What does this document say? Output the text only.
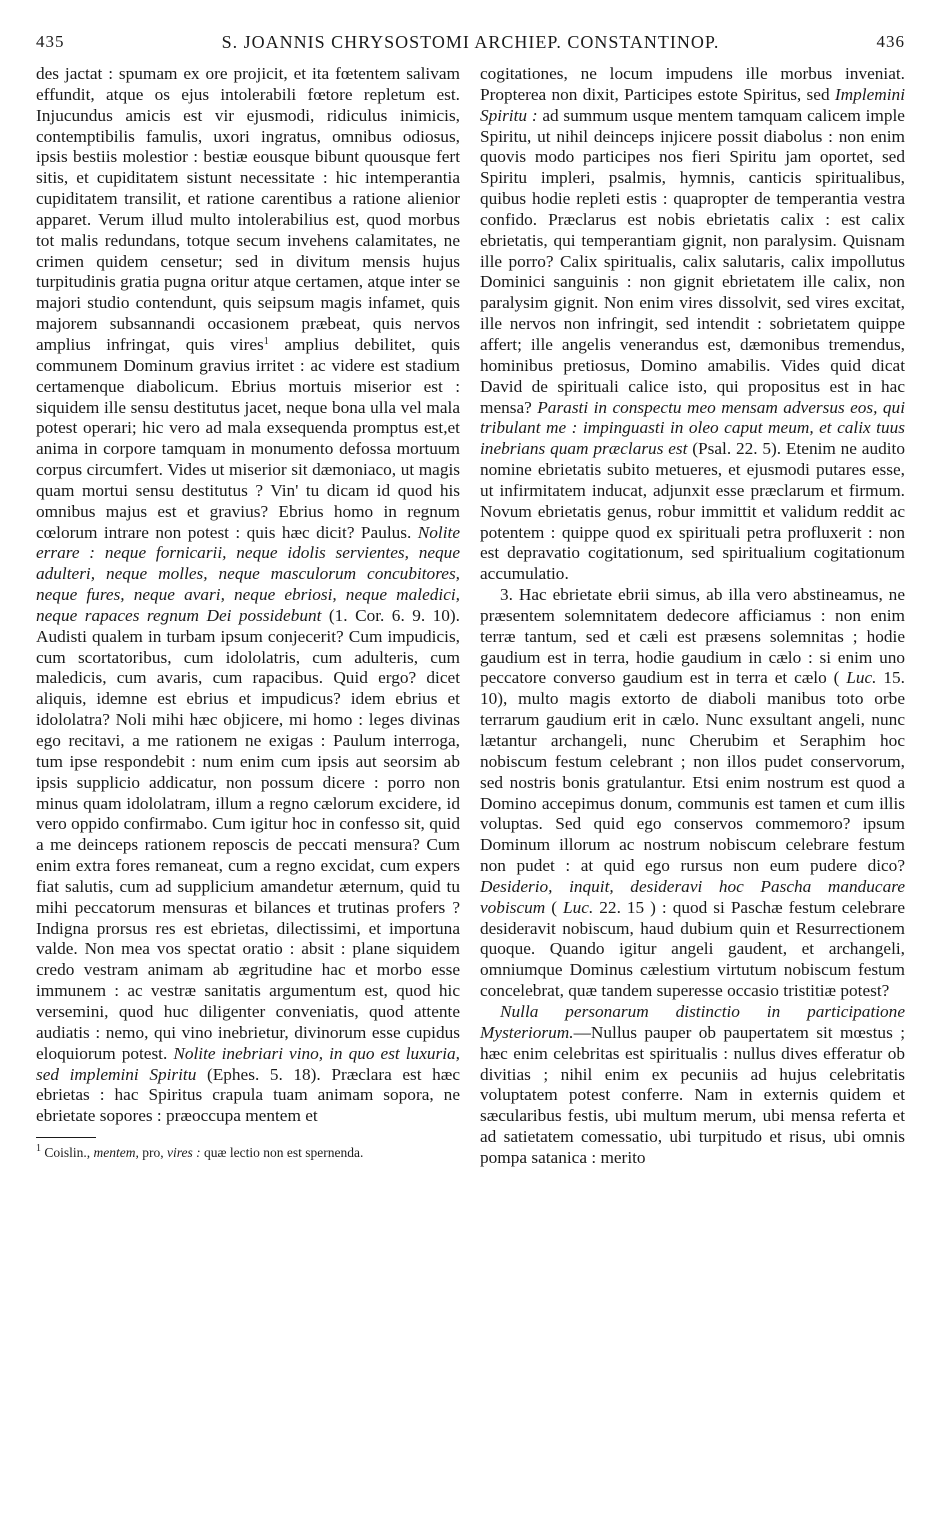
435	S. JOANNIS CHRYSOSTOMI ARCHIEP. CONSTANTINOP.	436

des jactat : spumam ex ore projicit, et ita fœtentem salivam effundit, atque os ejus intolerabili fœtore repletum est. Injucundus amicis est vir ejusmodi, ridiculus inimicis, contemptibilis famulis, uxori ingratus, omnibus odiosus, ipsis bestiis molestior : bestiæ eousque bibunt quousque fert sitis, et cupiditatem sistunt necessitate : hic intemperantia cupiditatem transilit, et ratione carentibus a ratione alienior apparet. Verum illud multo intolerabilius est, quod morbus tot malis redundans, totque secum invehens calamitates, ne crimen quidem censetur; sed in divitum mensis hujus turpitudinis gratia pugna oritur atque certamen, atque inter se majori studio contendunt, quis seipsum magis infamet, quis majorem subsannandi occasionem præbeat, quis nervos amplius infringat, quis vires$^1$ amplius debilitet, quis communem Dominum gravius irritet : ac videre est stadium certamenque diabolicum. Ebrius mortuis miserior est : siquidem ille sensu destitutus jacet, neque bona ulla vel mala potest operari; hic vero ad mala exsequenda promptus est,et anima in corpore tamquam in monumento defossa mortuum corpus circumfert. Vides ut miserior sit dæmoniaco, ut magis quam mortui sensu destitutus ? Vin' tu dicam id quod his omnibus majus est et gravius? Ebrius homo in regnum cœlorum intrare non potest : quis hæc dicit? Paulus. Nolite errare : neque fornicarii, neque idolis servientes, neque adulteri, neque molles, neque masculorum concubitores, neque fures, neque avari, neque ebriosi, neque maledici, neque rapaces regnum Dei possidebunt (1. Cor. 6. 9. 10). Audisti qualem in turbam ipsum conjecerit? Cum impudicis, cum scortatoribus, cum idololatris, cum adulteris, cum maledicis, cum avaris, cum rapacibus. Quid ergo? dicet aliquis, idemne est ebrius et impudicus? idem ebrius et idololatra? Noli mihi hæc objicere, mi homo : leges divinas ego recitavi, a me rationem ne exigas : Paulum interroga, tum ipse respondebit : num enim cum ipsis aut seorsim ab ipsis supplicio addicatur, non possum dicere : porro non minus quam idololatram, illum a regno cælorum excidere, id vero oppido confirmabo. Cum igitur hoc in confesso sit, quid a me deinceps rationem reposcis de peccati mensura? Cum enim extra fores remaneat, cum a regno excidat, cum expers fiat salutis, cum ad supplicium amandetur æternum, quid tu mihi peccatorum mensuras et bilances et trutinas profers ? Indigna prorsus res est ebrietas, dilectissimi, et importuna valde. Non mea vos spectat oratio : absit : plane siquidem credo vestram animam ab ægritudine hac et morbo esse immunem : ac vestræ sanitatis argumentum est, quod hic versemini, quod huc diligenter conveniatis, quod attente audiatis : nemo, qui vino inebrietur, divinorum esse cupidus eloquiorum potest. Nolite inebriari vino, in quo est luxuria, sed implemini Spiritu (Ephes. 5. 18). Præclara est hæc ebrietas : hac Spiritus crapula tuam animam sopora, ne ebrietate sopores : præoccupa mentem et

$^1$ Coislin., mentem, pro, vires : quæ lectio non est spernenda.

cogitationes, ne locum impudens ille morbus inveniat. Propterea non dixit, Participes estote Spiritus, sed Implemini Spiritu : ad summum usque mentem tamquam calicem imple Spiritu, ut nihil deinceps injicere possit diabolus : non enim quovis modo participes nos fieri Spiritu jam oportet, sed Spiritu impleri, psalmis, hymnis, canticis spiritualibus, quibus hodie repleti estis : quapropter de temperantia vestra confido. Præclarus est nobis ebrietatis calix : est calix ebrietatis, qui temperantiam gignit, non paralysim. Quisnam ille porro? Calix spiritualis, calix salutaris, calix impollutus Dominici sanguinis : non gignit ebrietatem ille calix, non paralysim gignit. Non enim vires dissolvit, sed vires excitat, ille nervos non infringit, sed intendit : sobrietatem quippe affert; ille angelis venerandus est, dæmonibus tremendus, hominibus pretiosus, Domino amabilis. Vides quid dicat David de spirituali calice isto, qui propositus est in hac mensa? Parasti in conspectu meo mensam adversus eos, qui tribulant me : impinguasti in oleo caput meum, et calix tuus inebrians quam præclarus est (Psal. 22. 5). Etenim ne audito nomine ebrietatis subito metueres, et ejusmodi putares esse, ut infirmitatem inducat, adjunxit esse præclarum et firmum. Novum ebrietatis genus, robur immittit et validum reddit ac potentem : quippe quod ex spirituali petra profluxerit : non est depravatio cogitationum, sed spiritualium cogitationum accumulatio.

3. Hac ebrietate ebrii simus, ab illa vero abstineamus, ne præsentem solemnitatem dedecore afficiamus : non enim terræ tantum, sed et cæli est præsens solemnitas ; hodie gaudium est in terra, hodie gaudium in cælo : si enim uno peccatore converso gaudium est in terra et cælo ( Luc. 15. 10), multo magis extorto de diaboli manibus toto orbe terrarum gaudium erit in cælo. Nunc exsultant angeli, nunc lætantur archangeli, nunc Cherubim et Seraphim hoc nobiscum festum celebrant ; non illos pudet conservorum, sed nostris bonis gratulantur. Etsi enim nostrum est quod a Domino accepimus donum, communis est tamen et cum illis voluptas. Sed quid ego conservos commemoro? ipsum Dominum illorum ac nostrum nobiscum celebrare festum non pudet : at quid ego rursus non eum pudere dico? Desiderio, inquit, desideravi hoc Pascha manducare vobiscum ( Luc. 22. 15 ) : quod si Paschæ festum celebrare desideravit nobiscum, haud dubium quin et Resurrectionem quoque. Quando igitur angeli gaudent, et archangeli, omniumque Dominus cælestium virtutum nobiscum festum concelebrat, quæ tandem superesse occasio tristitiæ potest?

Nulla personarum distinctio in participatione Mysteriorum.—Nullus pauper ob paupertatem sit mœstus ; hæc enim celebritas est spiritualis : nullus dives efferatur ob divitias ; nihil enim ex pecuniis ad hujus celebritatis voluptatem potest conferre. Nam in externis quidem et sæcularibus festis, ubi multum merum, ubi mensa referta et ad satietatem comessatio, ubi turpitudo et risus, ubi omnis pompa satanica : merito
